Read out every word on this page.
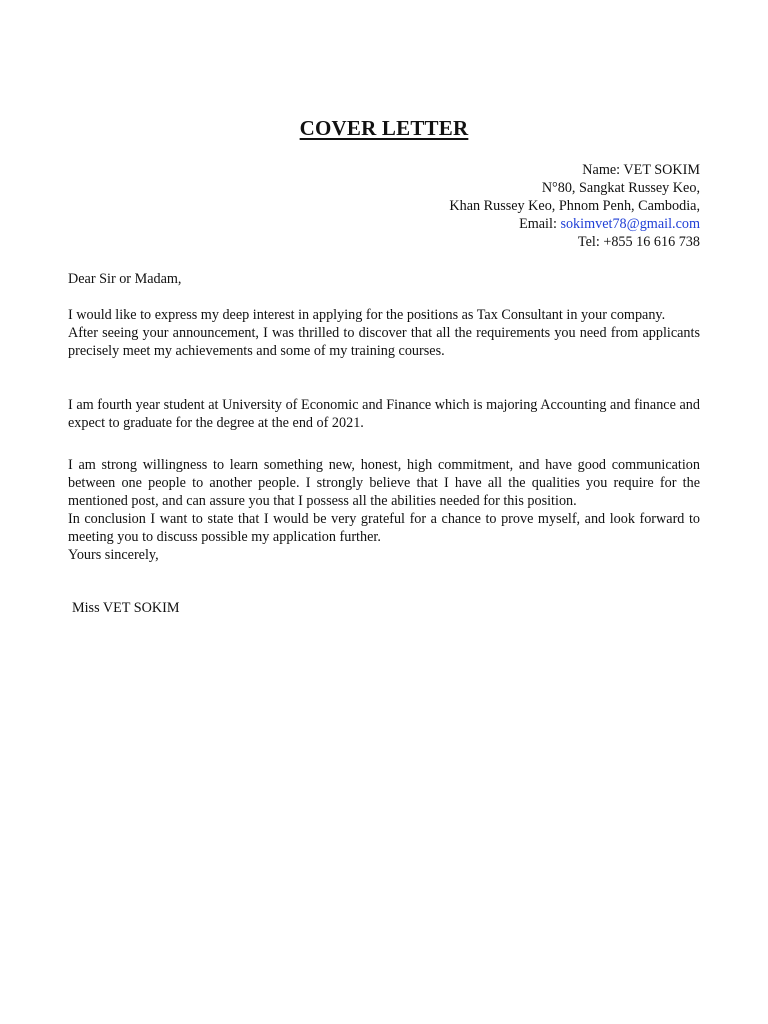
COVER LETTER
Name: VET SOKIM
N°80, Sangkat Russey Keo,
Khan Russey Keo, Phnom Penh, Cambodia,
Email: sokimvet78@gmail.com
Tel: +855 16 616 738
Dear Sir or Madam,

I would like to express my deep interest in applying for the positions as Tax Consultant in your company.

After seeing your announcement, I was thrilled to discover that all the requirements you need from applicants precisely meet my achievements and some of my training courses.

I am fourth year student at University of Economic and Finance which is majoring Accounting and finance and expect to graduate for the degree at the end of 2021.

I am strong willingness to learn something new, honest, high commitment, and have good communication between one people to another people. I strongly believe that I have all the qualities you require for the mentioned post, and can assure you that I possess all the abilities needed for this position.

In conclusion I want to state that I would be very grateful for a chance to prove myself, and look forward to meeting you to discuss possible my application further.

Yours sincerely,

Miss VET SOKIM
